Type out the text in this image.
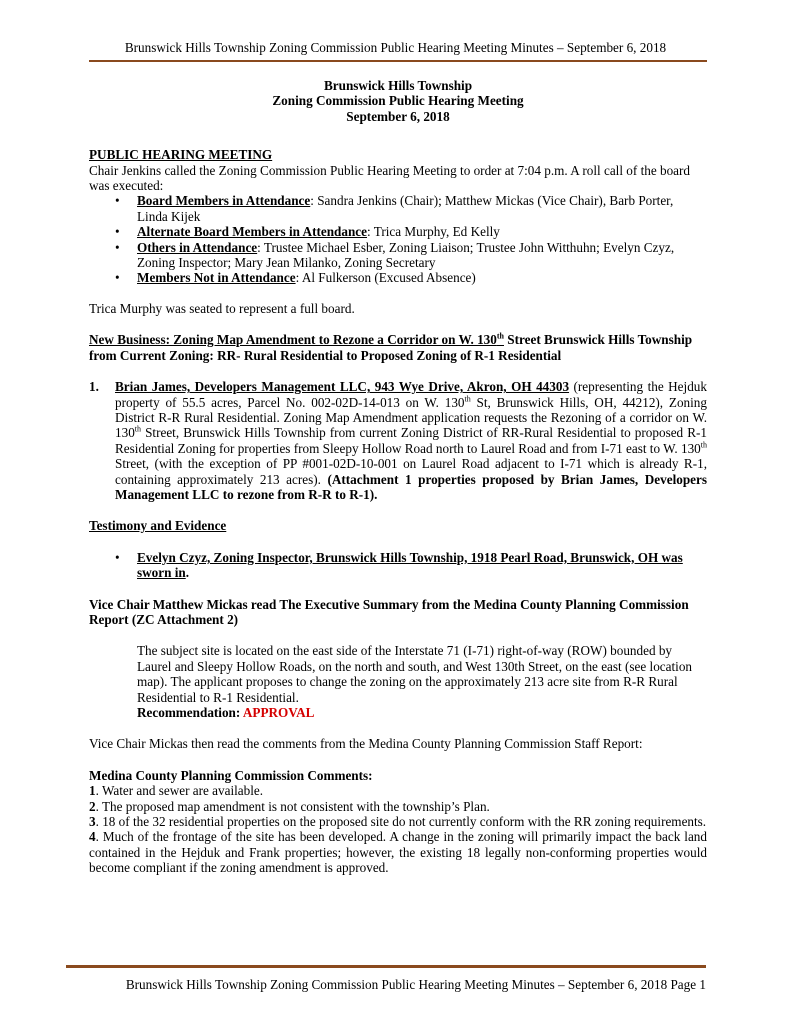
Brunswick Hills Township Zoning Commission Public Hearing Meeting Minutes – September 6, 2018
Brunswick Hills Township
Zoning Commission Public Hearing Meeting
September 6, 2018

PUBLIC HEARING MEETING

Chair Jenkins called the Zoning Commission Public Hearing Meeting to order at 7:04 p.m. A roll call of the board was executed:

• Board Members in Attendance: Sandra Jenkins (Chair); Matthew Mickas (Vice Chair), Barb Porter, Linda Kijek
• Alternate Board Members in Attendance: Trica Murphy, Ed Kelly
• Others in Attendance: Trustee Michael Esber, Zoning Liaison; Trustee John Witthuhn; Evelyn Czyz, Zoning Inspector; Mary Jean Milanko, Zoning Secretary
• Members Not in Attendance: Al Fulkerson (Excused Absence)

Trica Murphy was seated to represent a full board.

New Business: Zoning Map Amendment to Rezone a Corridor on W. 130th Street Brunswick Hills Township from Current Zoning: RR- Rural Residential to Proposed Zoning of R-1 Residential

1. Brian James, Developers Management LLC, 943 Wye Drive, Akron, OH 44303 (representing the Hejduk property of 55.5 acres, Parcel No. 002-02D-14-013 on W. 130th St, Brunswick Hills, OH, 44212), Zoning District R-R Rural Residential. Zoning Map Amendment application requests the Rezoning of a corridor on W. 130th Street, Brunswick Hills Township from current Zoning District of RR-Rural Residential to proposed R-1 Residential Zoning for properties from Sleepy Hollow Road north to Laurel Road and from I-71 east to W. 130th Street, (with the exception of PP #001-02D-10-001 on Laurel Road adjacent to I-71 which is already R-1, containing approximately 213 acres). (Attachment 1 properties proposed by Brian James, Developers Management LLC to rezone from R-R to R-1).

Testimony and Evidence

• Evelyn Czyz, Zoning Inspector, Brunswick Hills Township, 1918 Pearl Road, Brunswick, OH was sworn in.

Vice Chair Matthew Mickas read The Executive Summary from the Medina County Planning Commission Report (ZC Attachment 2)

The subject site is located on the east side of the Interstate 71 (I-71) right-of-way (ROW) bounded by Laurel and Sleepy Hollow Roads, on the north and south, and West 130th Street, on the east (see location map). The applicant proposes to change the zoning on the approximately 213 acre site from R-R Rural Residential to R-1 Residential.

Recommendation: APPROVAL

Vice Chair Mickas then read the comments from the Medina County Planning Commission Staff Report:

Medina County Planning Commission Comments:

1. Water and sewer are available.

2. The proposed map amendment is not consistent with the township’s Plan.

3. 18 of the 32 residential properties on the proposed site do not currently conform with the RR zoning requirements.

4. Much of the frontage of the site has been developed. A change in the zoning will primarily impact the back land contained in the Hejduk and Frank properties; however, the existing 18 legally non-conforming properties would become compliant if the zoning amendment is approved.

Brunswick Hills Township Zoning Commission Public Hearing Meeting Minutes – September 6, 2018 Page 1
